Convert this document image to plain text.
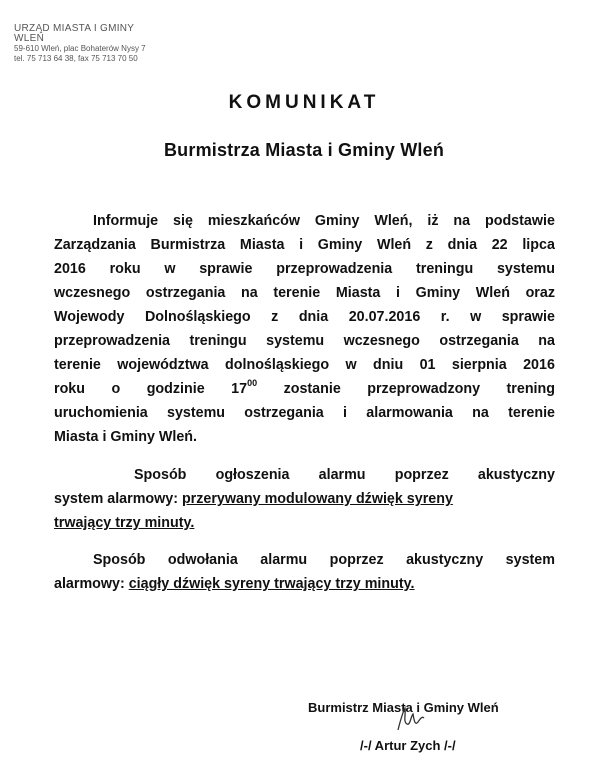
URZĄD MIASTA I GMINY WLEŃ
59-610 Wleń, plac Bohaterów Nysy 7
tel. 75 713 64 38, fax 75 713 70 50
KOMUNIKAT
Burmistrza Miasta i Gminy Wleń
Informuje się mieszkańców Gminy Wleń, iż na podstawie
Zarządzania Burmistrza Miasta i Gminy Wleń z dnia 22 lipca
2016 roku w sprawie przeprowadzenia treningu systemu
wczesnego ostrzegania na terenie Miasta i Gminy Wleń oraz
Wojewody Dolnośląskiego z dnia 20.07.2016 r. w sprawie
przeprowadzenia treningu systemu wczesnego ostrzegania na
terenie województwa dolnośląskiego w dniu 01 sierpnia 2016
roku o godzinie $17^{00}$ zostanie przeprowadzony trening
uruchomienia systemu ostrzegania i alarmowania na terenie
Miasta i Gminy Wleń.
Sposób ogłoszenia alarmu poprzez akustyczny
system alarmowy: przerywany modulowany dźwięk syreny
trwający trzy minuty.
Sposób odwołania alarmu poprzez akustyczny system
alarmowy: ciągły dźwięk syreny trwający trzy minuty.
Burmistrz Miasta i Gminy Wleń
/-/ Artur Zych /-/
